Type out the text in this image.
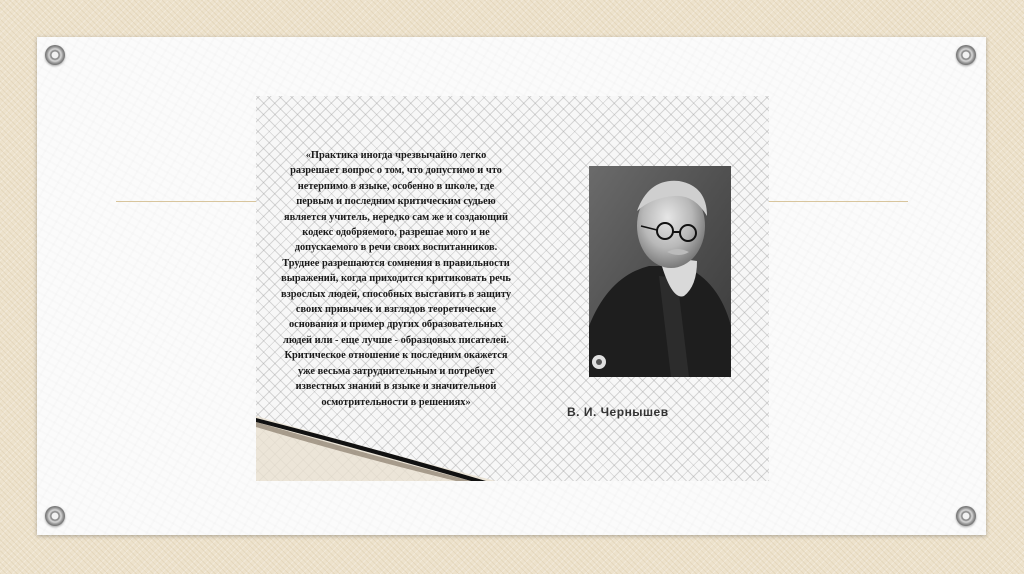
«Практика иногда чрезвычайно легко разрешает вопрос о том, что допустимо и что нетерпимо в языке, особенно в школе, где первым и последним критическим судьею является учитель, нередко сам же и создающий кодекс одобряемого, разрешае мого и не допускаемого в речи своих воспитанников. Труднее разрешаются сомнения в правильности выражений, когда приходится критиковать речь взрослых людей, способных выставить в защиту своих привычек и взглядов теоретические основания и пример других образовательных людей или - еще лучше - образцовых писателей. Критическое отношение к последним окажется уже весьма затруднительным и потребует известных знаний в языке и значительной осмотрительности в решениях»
В. И. Чернышев
